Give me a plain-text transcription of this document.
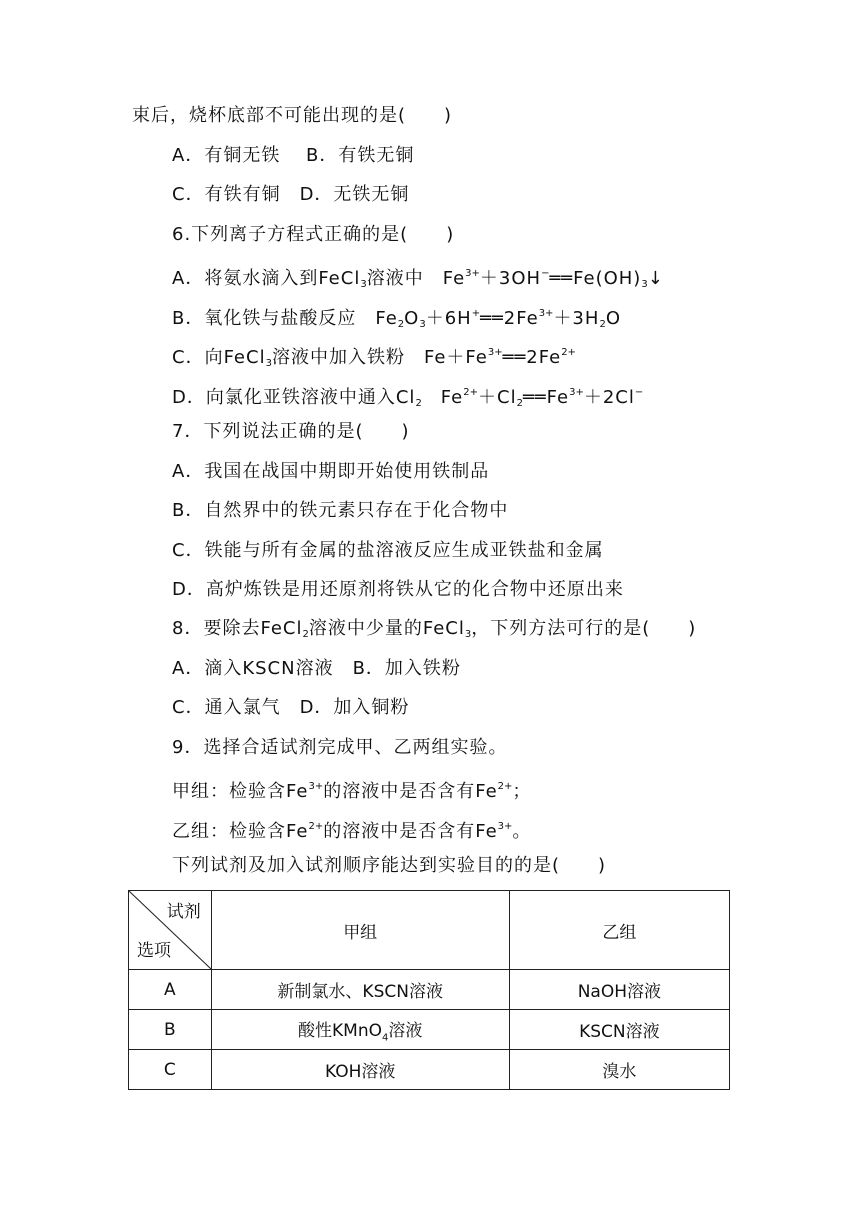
束后，烧杯底部不可能出现的是(　　)
A．有铜无铁　 B．有铁无铜
C．有铁有铜　D．无铁无铜
6.下列离子方程式正确的是(　　)
A．将氨水滴入到FeCl$_3$溶液中　$Fe^{3+}+3OH^-══Fe(OH)_3↓$
B．氧化铁与盐酸反应　$Fe_2O_3+6H^+══2Fe^{3+}+3H_2O$
C．向FeCl$_3$溶液中加入铁粉　$Fe+Fe^{3+}══2Fe^{2+}$
D．向氯化亚铁溶液中通入$Cl_2$　$Fe^{2+}+Cl_2══Fe^{3+}+2Cl^-$
7．下列说法正确的是(　　)
A．我国在战国中期即开始使用铁制品
B．自然界中的铁元素只存在于化合物中
C．铁能与所有金属的盐溶液反应生成亚铁盐和金属
D．高炉炼铁是用还原剂将铁从它的化合物中还原出来
8．要除去FeCl$_2$溶液中少量的FeCl$_3$，下列方法可行的是(　　)
A．滴入KSCN溶液　B．加入铁粉
C．通入氯气　D．加入铜粉
9．选择合适试剂完成甲、乙两组实验。
甲组：检验含$Fe^{3+}$的溶液中是否含有$Fe^{2+}$；
乙组：检验含$Fe^{2+}$的溶液中是否含有$Fe^{3+}$。
下列试剂及加入试剂顺序能达到实验目的的是(　　)
试剂
选项	甲组	乙组
A	新制氯水、KSCN溶液	NaOH溶液
B	酸性KMnO$_4$溶液	KSCN溶液
C	KOH溶液	溴水
